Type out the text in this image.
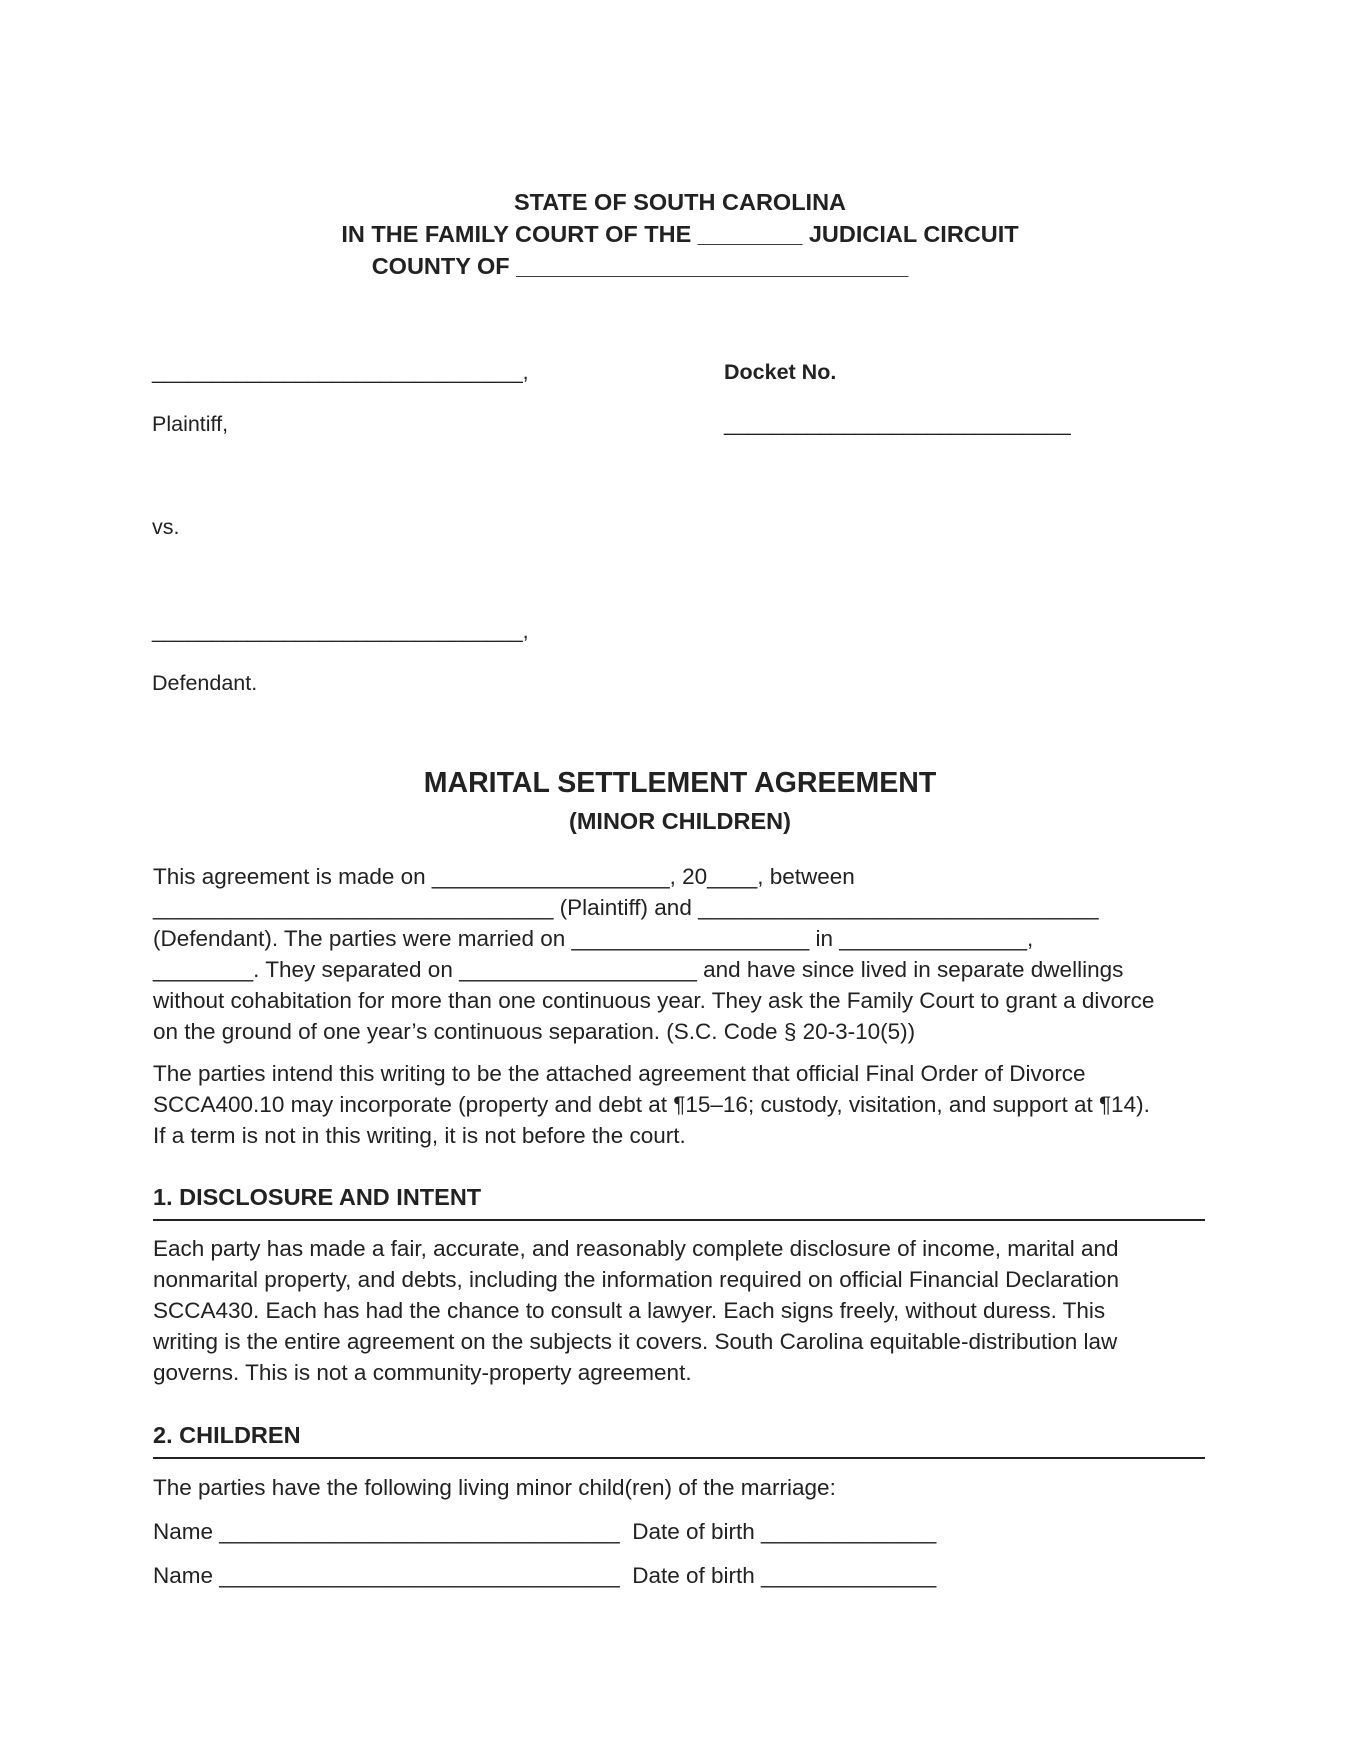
STATE OF SOUTH CAROLINA
IN THE FAMILY COURT OF THE ________ JUDICIAL CIRCUIT
COUNTY OF ______________________________
_______________________________,	Docket No.
Plaintiff,	_____________________________
vs.
_______________________________,
Defendant.
MARITAL SETTLEMENT AGREEMENT
(MINOR CHILDREN)
This agreement is made on ___________________, 20____, between
________________________________ (Plaintiff) and ________________________________
(Defendant). The parties were married on ___________________ in _______________,
________. They separated on ___________________ and have since lived in separate dwellings
without cohabitation for more than one continuous year. They ask the Family Court to grant a divorce
on the ground of one year’s continuous separation. (S.C. Code § 20-3-10(5))
The parties intend this writing to be the attached agreement that official Final Order of Divorce
SCCA400.10 may incorporate (property and debt at ¶15–16; custody, visitation, and support at ¶14).
If a term is not in this writing, it is not before the court.
1. DISCLOSURE AND INTENT
Each party has made a fair, accurate, and reasonably complete disclosure of income, marital and
nonmarital property, and debts, including the information required on official Financial Declaration
SCCA430. Each has had the chance to consult a lawyer. Each signs freely, without duress. This
writing is the entire agreement on the subjects it covers. South Carolina equitable-distribution law
governs. This is not a community-property agreement.
2. CHILDREN
The parties have the following living minor child(ren) of the marriage:
Name ________________________________  Date of birth ______________
Name ________________________________  Date of birth ______________
